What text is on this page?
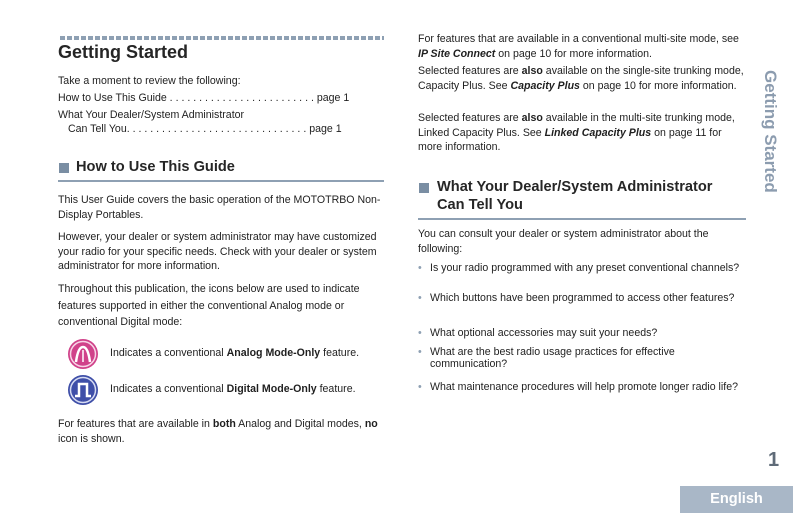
Getting Started
Take a moment to review the following:
How to Use This Guide . . . . . . . . . . . . . . . . . . . . . . . . . page 1
What Your Dealer/System Administrator
Can Tell You. . . . . . . . . . . . . . . . . . . . . . . . . . . . . . . page 1
How to Use This Guide
This User Guide covers the basic operation of the MOTOTRBO Non-Display Portables.
However, your dealer or system administrator may have customized your radio for your specific needs. Check with your dealer or system administrator for more information.
Throughout this publication, the icons below are used to indicate features supported in either the conventional Analog mode or conventional Digital mode:
Indicates a conventional Analog Mode-Only feature.
Indicates a conventional Digital Mode-Only feature.
For features that are available in both Analog and Digital modes, no icon is shown.
For features that are available in a conventional multi-site mode, see IP Site Connect on page 10 for more information.
Selected features are also available on the single-site trunking mode, Capacity Plus. See Capacity Plus on page 10 for more information.
Selected features are also available in the multi-site trunking mode, Linked Capacity Plus. See Linked Capacity Plus on page 11 for more information.
What Your Dealer/System Administrator
Can Tell You
You can consult your dealer or system administrator about the following:
• Is your radio programmed with any preset conventional channels?
• Which buttons have been programmed to access other features?
• What optional accessories may suit your needs?
• What are the best radio usage practices for effective communication?
• What maintenance procedures will help promote longer radio life?
Getting Started
1
English
